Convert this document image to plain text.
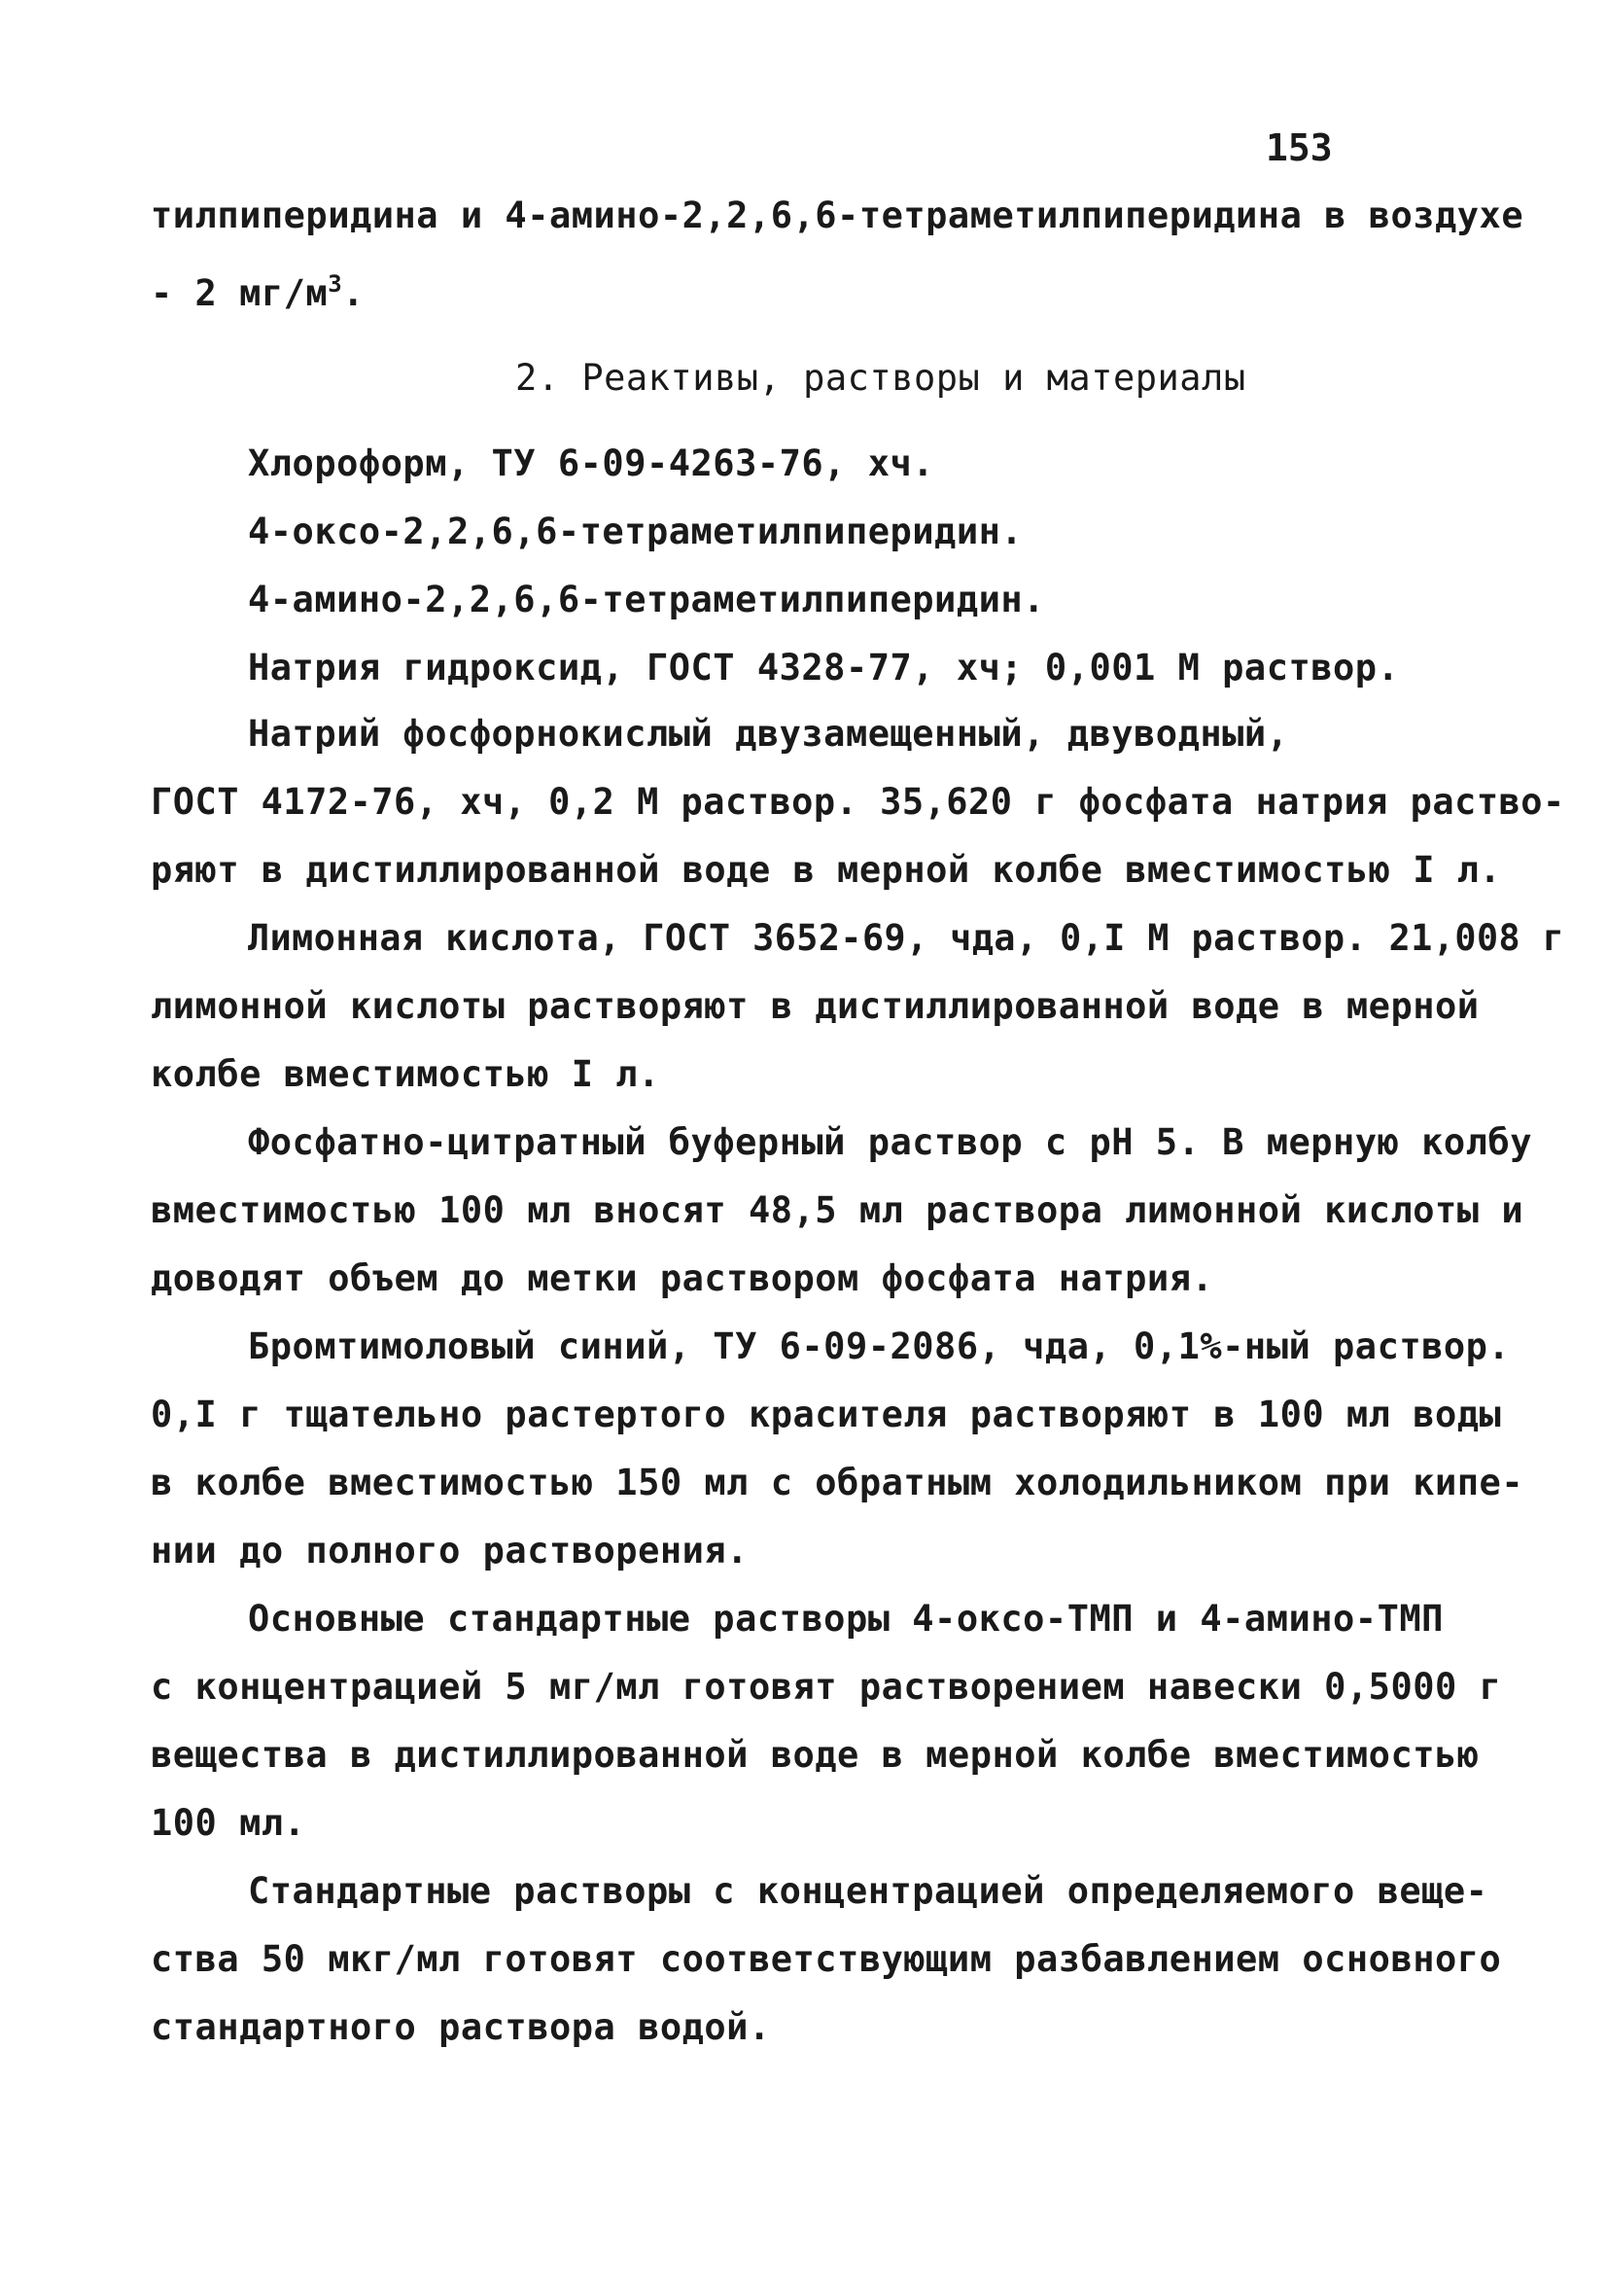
153
тилпиперидина и 4-амино-2,2,6,6-тетраметилпиперидина в воздухе
- 2 $мг/м^3$.
2. Реактивы, растворы и материалы
Хлороформ, ТУ 6-09-4263-76, хч.
4-оксо-2,2,6,6-тетраметилпиперидин.
4-амино-2,2,6,6-тетраметилпиперидин.
Натрия гидроксид, ГОСТ 4328-77, хч; 0,001 М раствор.
Натрий фосфорнокислый двузамещенный, двуводный,
ГОСТ 4172-76, хч, 0,2 М раствор. 35,620 г фосфата натрия раство-
ряют в дистиллированной воде в мерной колбе вместимостью I л.
Лимонная кислота, ГОСТ 3652-69, чда, 0,I М раствор. 21,008 г
лимонной кислоты растворяют в дистиллированной воде в мерной
колбе вместимостью I л.
Фосфатно-цитратный буферный раствор с pH 5. В мерную колбу
вместимостью 100 мл вносят 48,5 мл раствора лимонной кислоты и
доводят объем до метки раствором фосфата натрия.
Бромтимоловый синий, ТУ 6-09-2086, чда, 0,1%-ный раствор.
0,I г тщательно растертого красителя растворяют в 100 мл воды
в колбе вместимостью 150 мл с обратным холодильником при кипе-
нии до полного растворения.
Основные стандартные растворы 4-оксо-ТМП и 4-амино-ТМП
с концентрацией 5 мг/мл готовят растворением навески 0,5000 г
вещества в дистиллированной воде в мерной колбе вместимостью
100 мл.
Стандартные растворы с концентрацией определяемого веще-
ства 50 мкг/мл готовят соответствующим разбавлением основного
стандартного раствора водой.
